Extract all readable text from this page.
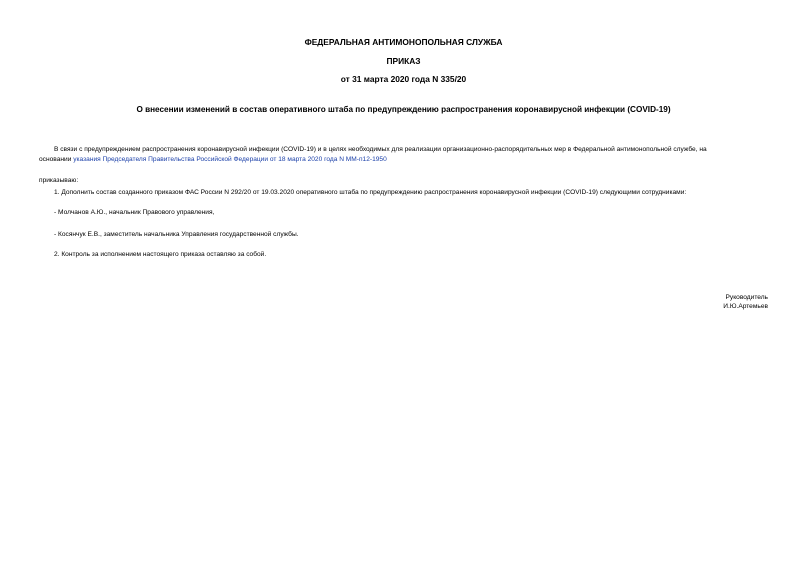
ФЕДЕРАЛЬНАЯ АНТИМОНОПОЛЬНАЯ СЛУЖБА
ПРИКАЗ
от 31 марта 2020 года N 335/20
О внесении изменений в состав оперативного штаба по предупреждению распространения коронавирусной инфекции (COVID-19)
В связи с предупреждением распространения коронавирусной инфекции (COVID-19) и в целях необходимых для реализации организационно-распорядительных мер в Федеральной антимонопольной службе, на
основании указания Председателя Правительства Российской Федерации от 18 марта 2020 года N ММ-п12-1950
приказываю:
1. Дополнить состав созданного приказом ФАС России N 292/20 от 19.03.2020 оперативного штаба по предупреждению распространения коронавирусной инфекции (COVID-19) следующими сотрудниками:
- Молчанов А.Ю., начальник Правового управления,
- Косянчук Е.В., заместитель начальника Управления государственной службы.
2. Контроль за исполнением настоящего приказа оставляю за собой.
Руководитель
И.Ю.Артемьев
